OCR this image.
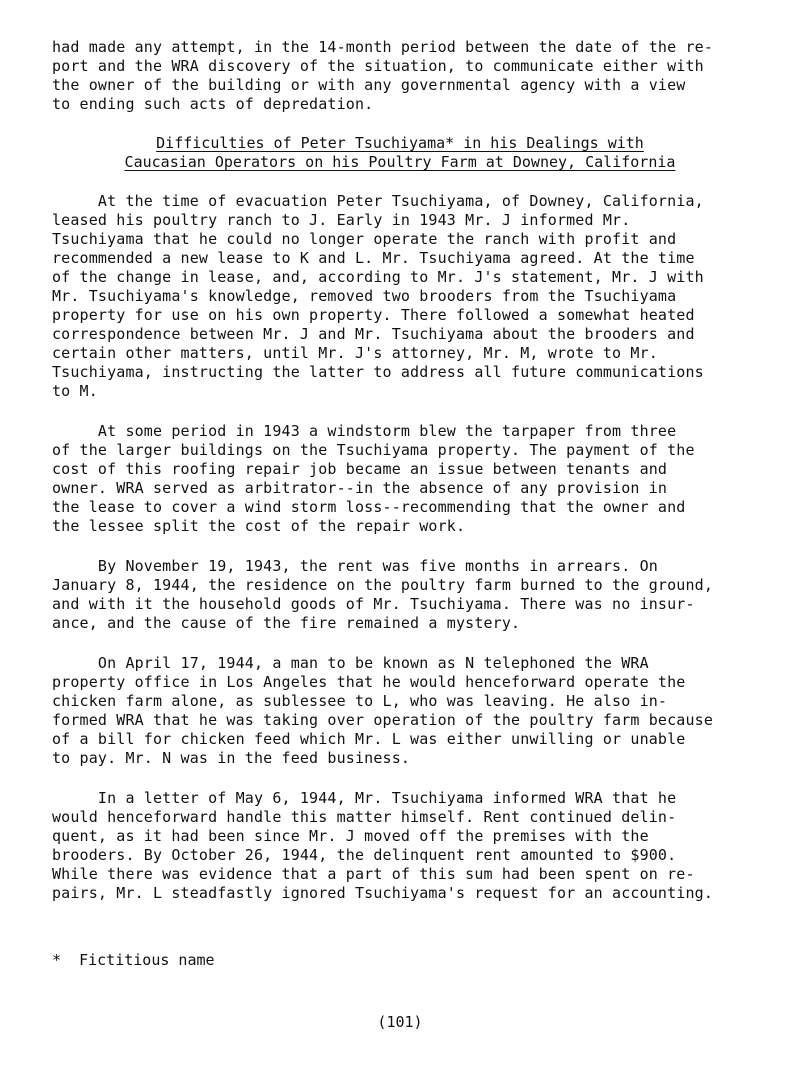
had made any attempt, in the 14-month period between the date of the re-
port and the WRA discovery of the situation, to communicate either with
the owner of the building or with any governmental agency with a view
to ending such acts of depredation.
Difficulties of Peter Tsuchiyama* in his Dealings with
Caucasian Operators on his Poultry Farm at Downey, California
At the time of evacuation Peter Tsuchiyama, of Downey, California,
leased his poultry ranch to J. Early in 1943 Mr. J informed Mr.
Tsuchiyama that he could no longer operate the ranch with profit and
recommended a new lease to K and L. Mr. Tsuchiyama agreed. At the time
of the change in lease, and, according to Mr. J's statement, Mr. J with
Mr. Tsuchiyama's knowledge, removed two brooders from the Tsuchiyama
property for use on his own property. There followed a somewhat heated
correspondence between Mr. J and Mr. Tsuchiyama about the brooders and
certain other matters, until Mr. J's attorney, Mr. M, wrote to Mr.
Tsuchiyama, instructing the latter to address all future communications
to M.
At some period in 1943 a windstorm blew the tarpaper from three
of the larger buildings on the Tsuchiyama property. The payment of the
cost of this roofing repair job became an issue between tenants and
owner. WRA served as arbitrator--in the absence of any provision in
the lease to cover a wind storm loss--recommending that the owner and
the lessee split the cost of the repair work.
By November 19, 1943, the rent was five months in arrears. On
January 8, 1944, the residence on the poultry farm burned to the ground,
and with it the household goods of Mr. Tsuchiyama. There was no insur-
ance, and the cause of the fire remained a mystery.
On April 17, 1944, a man to be known as N telephoned the WRA
property office in Los Angeles that he would henceforward operate the
chicken farm alone, as sublessee to L, who was leaving. He also in-
formed WRA that he was taking over operation of the poultry farm because
of a bill for chicken feed which Mr. L was either unwilling or unable
to pay. Mr. N was in the feed business.
In a letter of May 6, 1944, Mr. Tsuchiyama informed WRA that he
would henceforward handle this matter himself. Rent continued delin-
quent, as it had been since Mr. J moved off the premises with the
brooders. By October 26, 1944, the delinquent rent amounted to $900.
While there was evidence that a part of this sum had been spent on re-
pairs, Mr. L steadfastly ignored Tsuchiyama's request for an accounting.
*  Fictitious name
(101)
